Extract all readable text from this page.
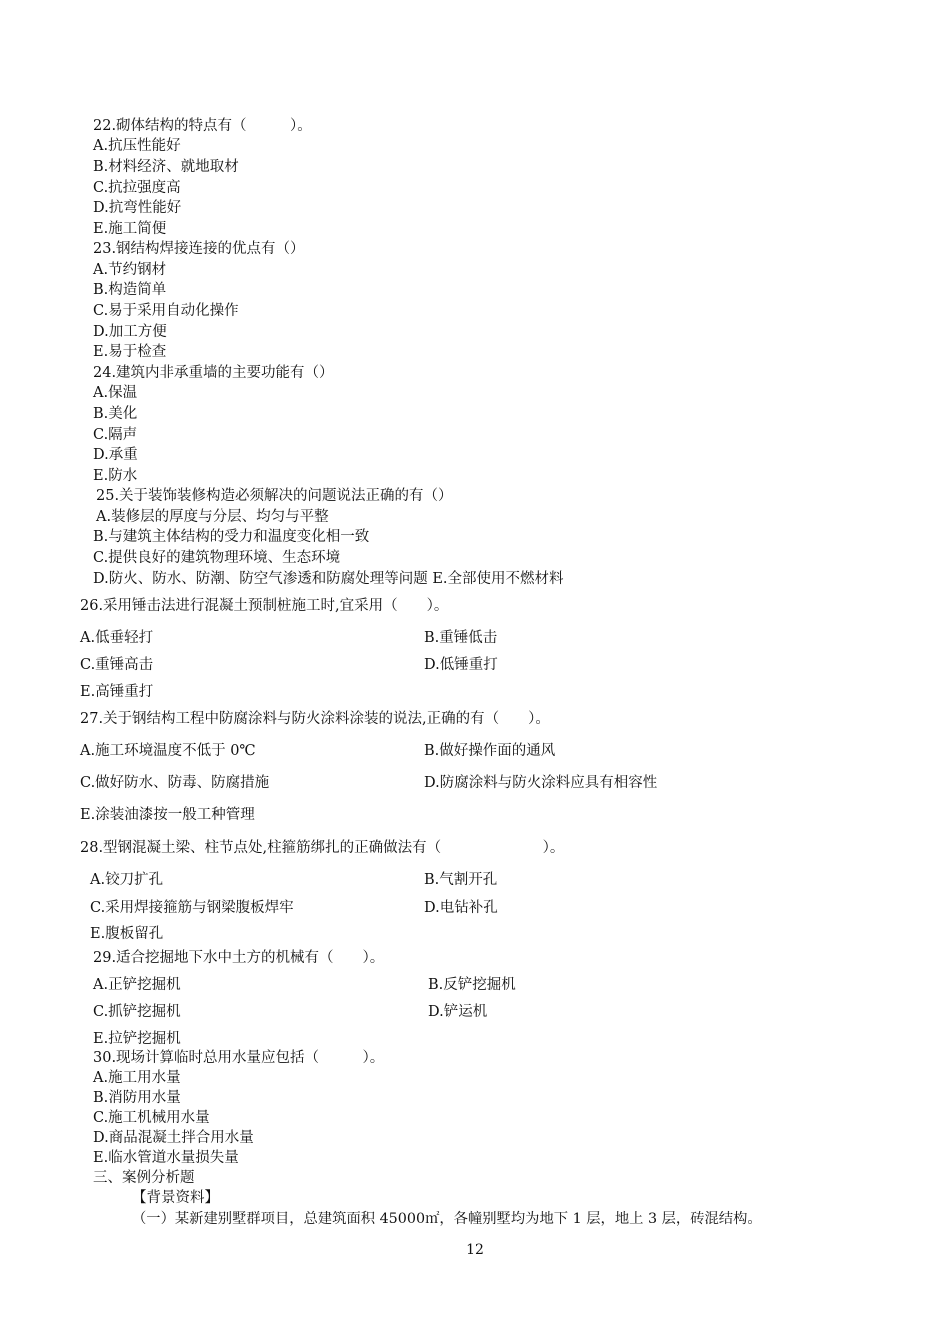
22.砌体结构的特点有（　　　）。
A.抗压性能好
B.材料经济、就地取材
C.抗拉强度高
D.抗弯性能好
E.施工简便
23.钢结构焊接连接的优点有（）
A.节约钢材
B.构造简单
C.易于采用自动化操作
D.加工方便
E.易于检查
24.建筑内非承重墙的主要功能有（）
A.保温
B.美化
C.隔声
D.承重
E.防水
25.关于装饰装修构造必须解决的问题说法正确的有（）
A.装修层的厚度与分层、均匀与平整
B.与建筑主体结构的受力和温度变化相一致
C.提供良好的建筑物理环境、生态环境
D.防火、防水、防潮、防空气渗透和防腐处理等问题 E.全部使用不燃材料
26.采用锤击法进行混凝土预制桩施工时,宜采用（　　）。
A.低垂轻打	B.重锤低击
C.重锤高击	D.低锤重打
E.高锤重打
27.关于钢结构工程中防腐涂料与防火涂料涂装的说法,正确的有（　　）。
A.施工环境温度不低于 0℃	B.做好操作面的通风
C.做好防水、防毒、防腐措施	D.防腐涂料与防火涂料应具有相容性
E.涂装油漆按一般工种管理
28.型钢混凝土梁、柱节点处,柱箍筋绑扎的正确做法有（　　　　　　　）。
A.铰刀扩孔	B.气割开孔
C.采用焊接箍筋与钢梁腹板焊牢	D.电钻补孔
E.腹板留孔
29.适合挖掘地下水中土方的机械有（　　）。
A.正铲挖掘机	B.反铲挖掘机
C.抓铲挖掘机	D.铲运机
E.拉铲挖掘机
30.现场计算临时总用水量应包括（　　　）。
A.施工用水量
B.消防用水量
C.施工机械用水量
D.商品混凝土拌合用水量
E.临水管道水量损失量
三、案例分析题
【背景资料】
（一）某新建别墅群项目，总建筑面积 45000㎡，各幢别墅均为地下 1 层，地上 3 层，砖混结构。
12
